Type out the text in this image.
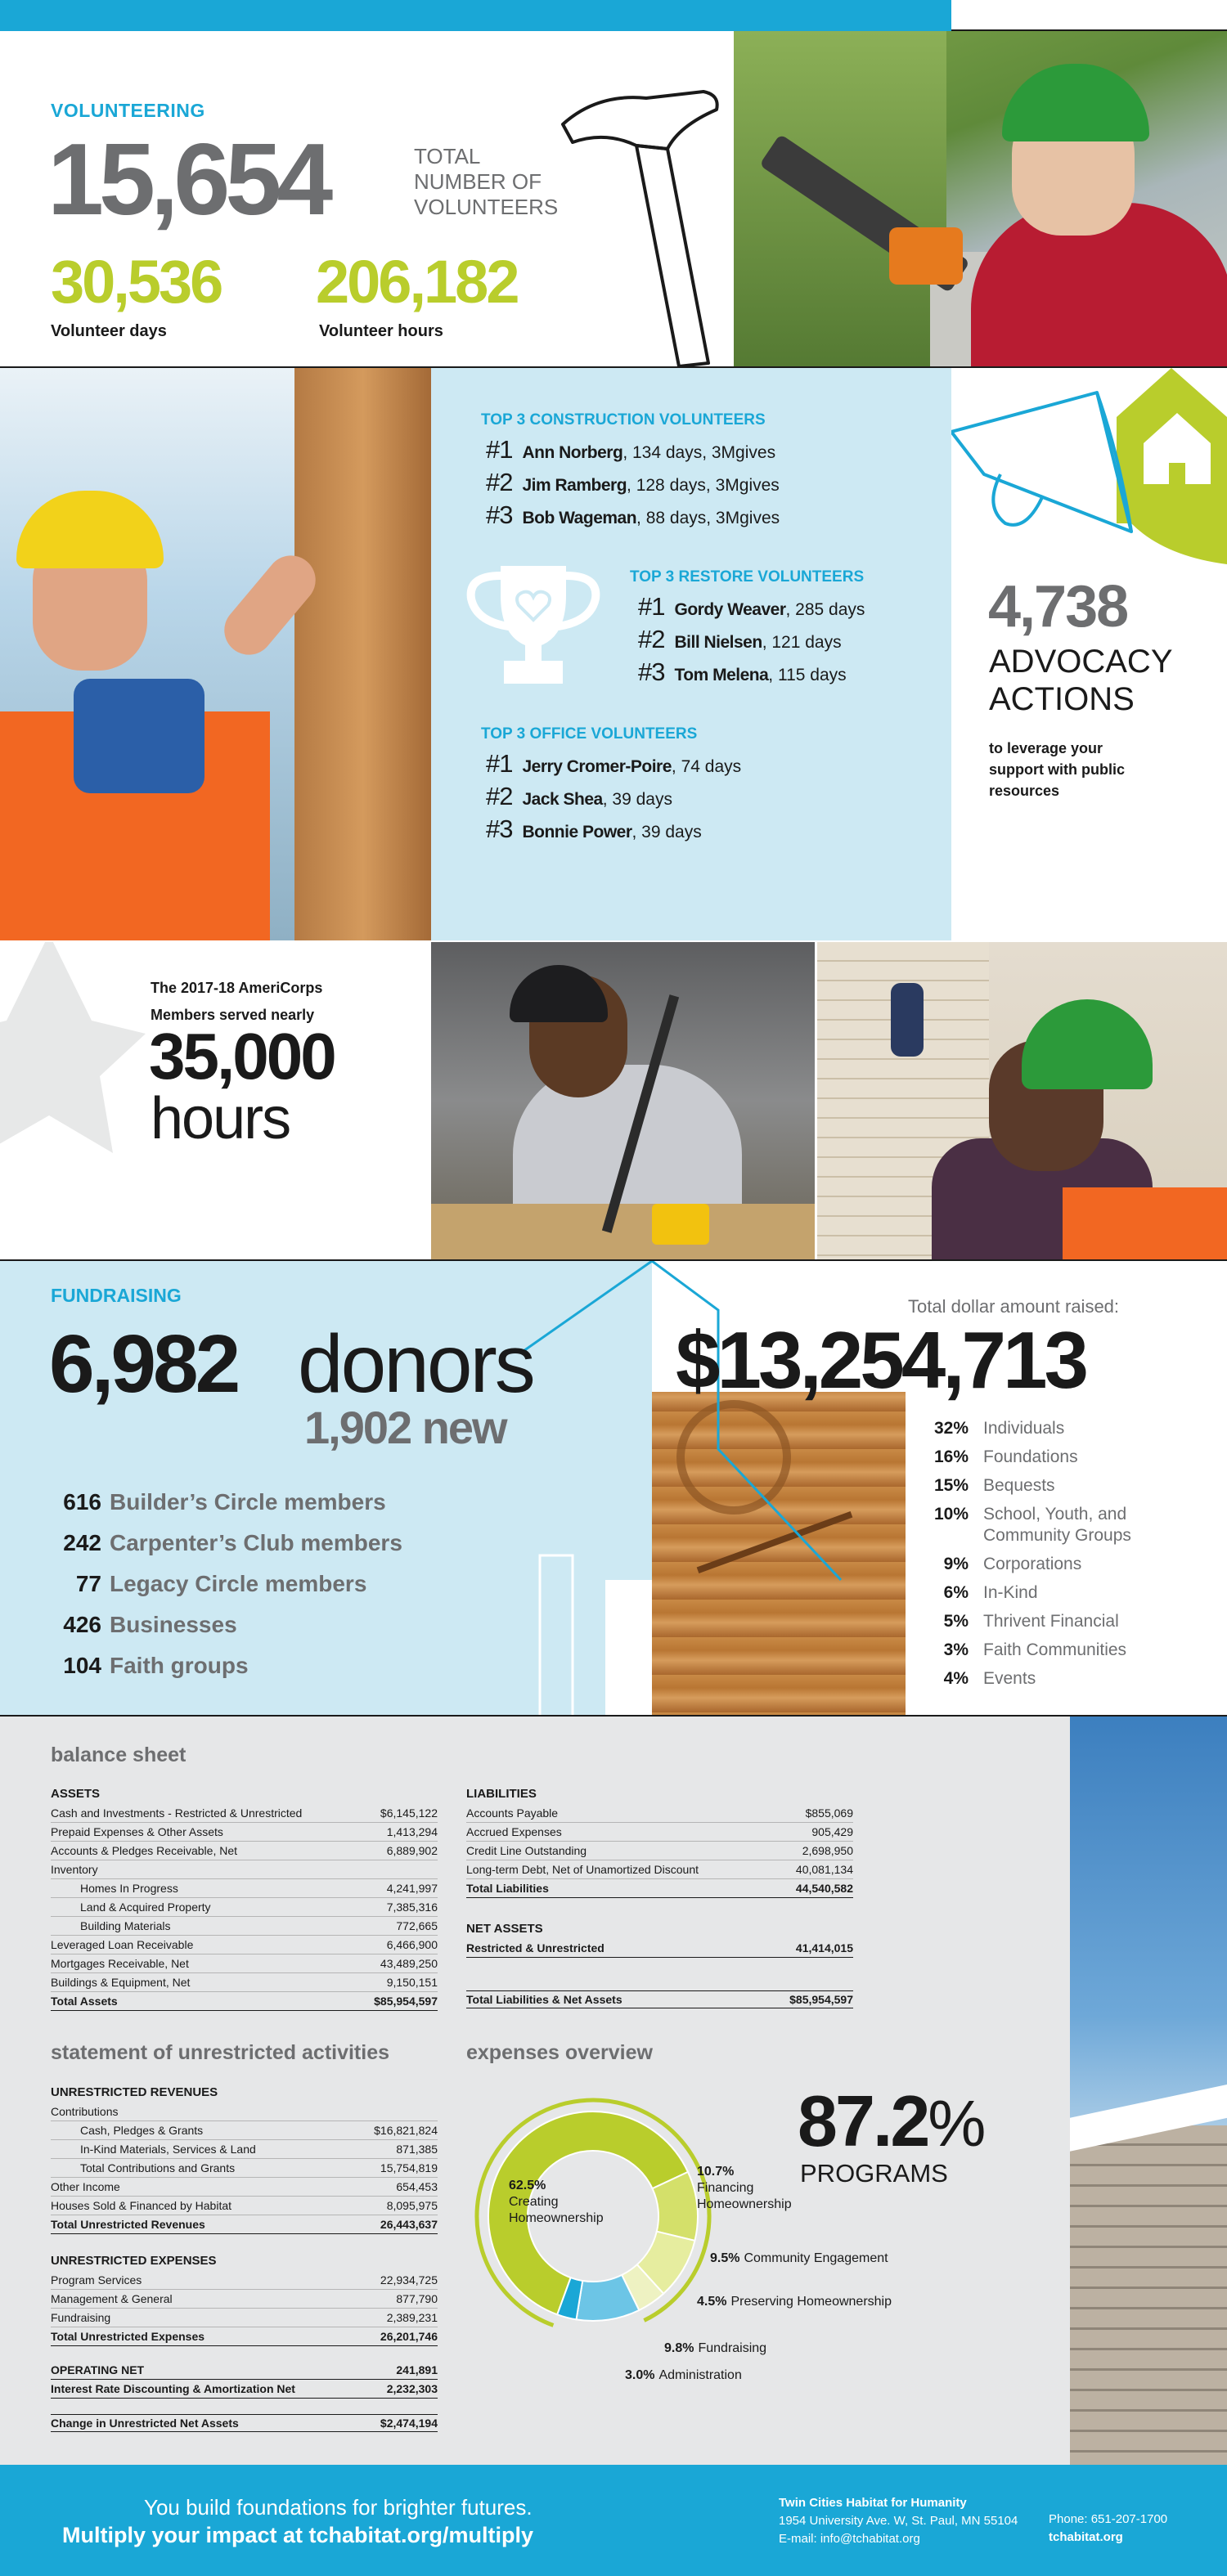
VOLUNTEERING
15,654	TOTAL
NUMBER OF
VOLUNTEERS
30,536
Volunteer days
206,182
Volunteer hours
TOP 3 CONSTRUCTION VOLUNTEERS
#1 Ann Norberg, 134 days, 3Mgives
#2 Jim Ramberg, 128 days, 3Mgives
#3 Bob Wageman, 88 days, 3Mgives
TOP 3 RESTORE VOLUNTEERS
#1 Gordy Weaver, 285 days
#2 Bill Nielsen, 121 days
#3 Tom Melena, 115 days
TOP 3 OFFICE VOLUNTEERS
#1 Jerry Cromer-Poire, 74 days
#2 Jack Shea, 39 days
#3 Bonnie Power, 39 days
4,738
ADVOCACY
ACTIONS
to leverage your
support with public
resources
The 2017-18 AmeriCorps
Members served nearly
35,000
hours
FUNDRAISING
6,982 donors
1,902 new
616 Builder’s Circle members
242 Carpenter’s Club members
77 Legacy Circle members
426 Businesses
104 Faith groups
Total dollar amount raised:
$13,254,713
32% Individuals
16% Foundations
15% Bequests
10% School, Youth, and
Community Groups
9% Corporations
6% In-Kind
5% Thrivent Financial
3% Faith Communities
4% Events
balance sheet
ASSETS
Cash and Investments - Restricted & Unrestricted	$6,145,122
Prepaid Expenses & Other Assets	1,413,294
Accounts & Pledges Receivable, Net	6,889,902
Inventory
Homes In Progress	4,241,997
Land & Acquired Property	7,385,316
Building Materials	772,665
Leveraged Loan Receivable	6,466,900
Mortgages Receivable, Net	43,489,250
Buildings & Equipment, Net	9,150,151
Total Assets	$85,954,597
LIABILITIES
Accounts Payable	$855,069
Accrued Expenses	905,429
Credit Line Outstanding	2,698,950
Long-term Debt, Net of Unamortized Discount	40,081,134
Total Liabilities	44,540,582
NET ASSETS
Restricted & Unrestricted	41,414,015
Total Liabilities & Net Assets	$85,954,597
statement of unrestricted activities
UNRESTRICTED REVENUES
Contributions
Cash, Pledges & Grants	$16,821,824
In-Kind Materials, Services & Land	871,385
Total Contributions and Grants	15,754,819
Other Income	654,453
Houses Sold & Financed by Habitat	8,095,975
Total Unrestricted Revenues	26,443,637
UNRESTRICTED EXPENSES
Program Services	22,934,725
Management & General	877,790
Fundraising	2,389,231
Total Unrestricted Expenses	26,201,746
OPERATING NET	241,891
Interest Rate Discounting & Amortization Net	2,232,303
Change in Unrestricted Net Assets	$2,474,194
expenses overview
87.2%
PROGRAMS
62.5%
Creating
Homeownership
10.7%
Financing
Homeownership
9.5% Community Engagement
4.5% Preserving Homeownership
9.8% Fundraising
3.0% Administration
You build foundations for brighter futures.
Multiply your impact at tchabitat.org/multiply
Twin Cities Habitat for Humanity
1954 University Ave. W, St. Paul, MN 55104
E-mail: info@tchabitat.org
Phone: 651-207-1700
tchabitat.org
